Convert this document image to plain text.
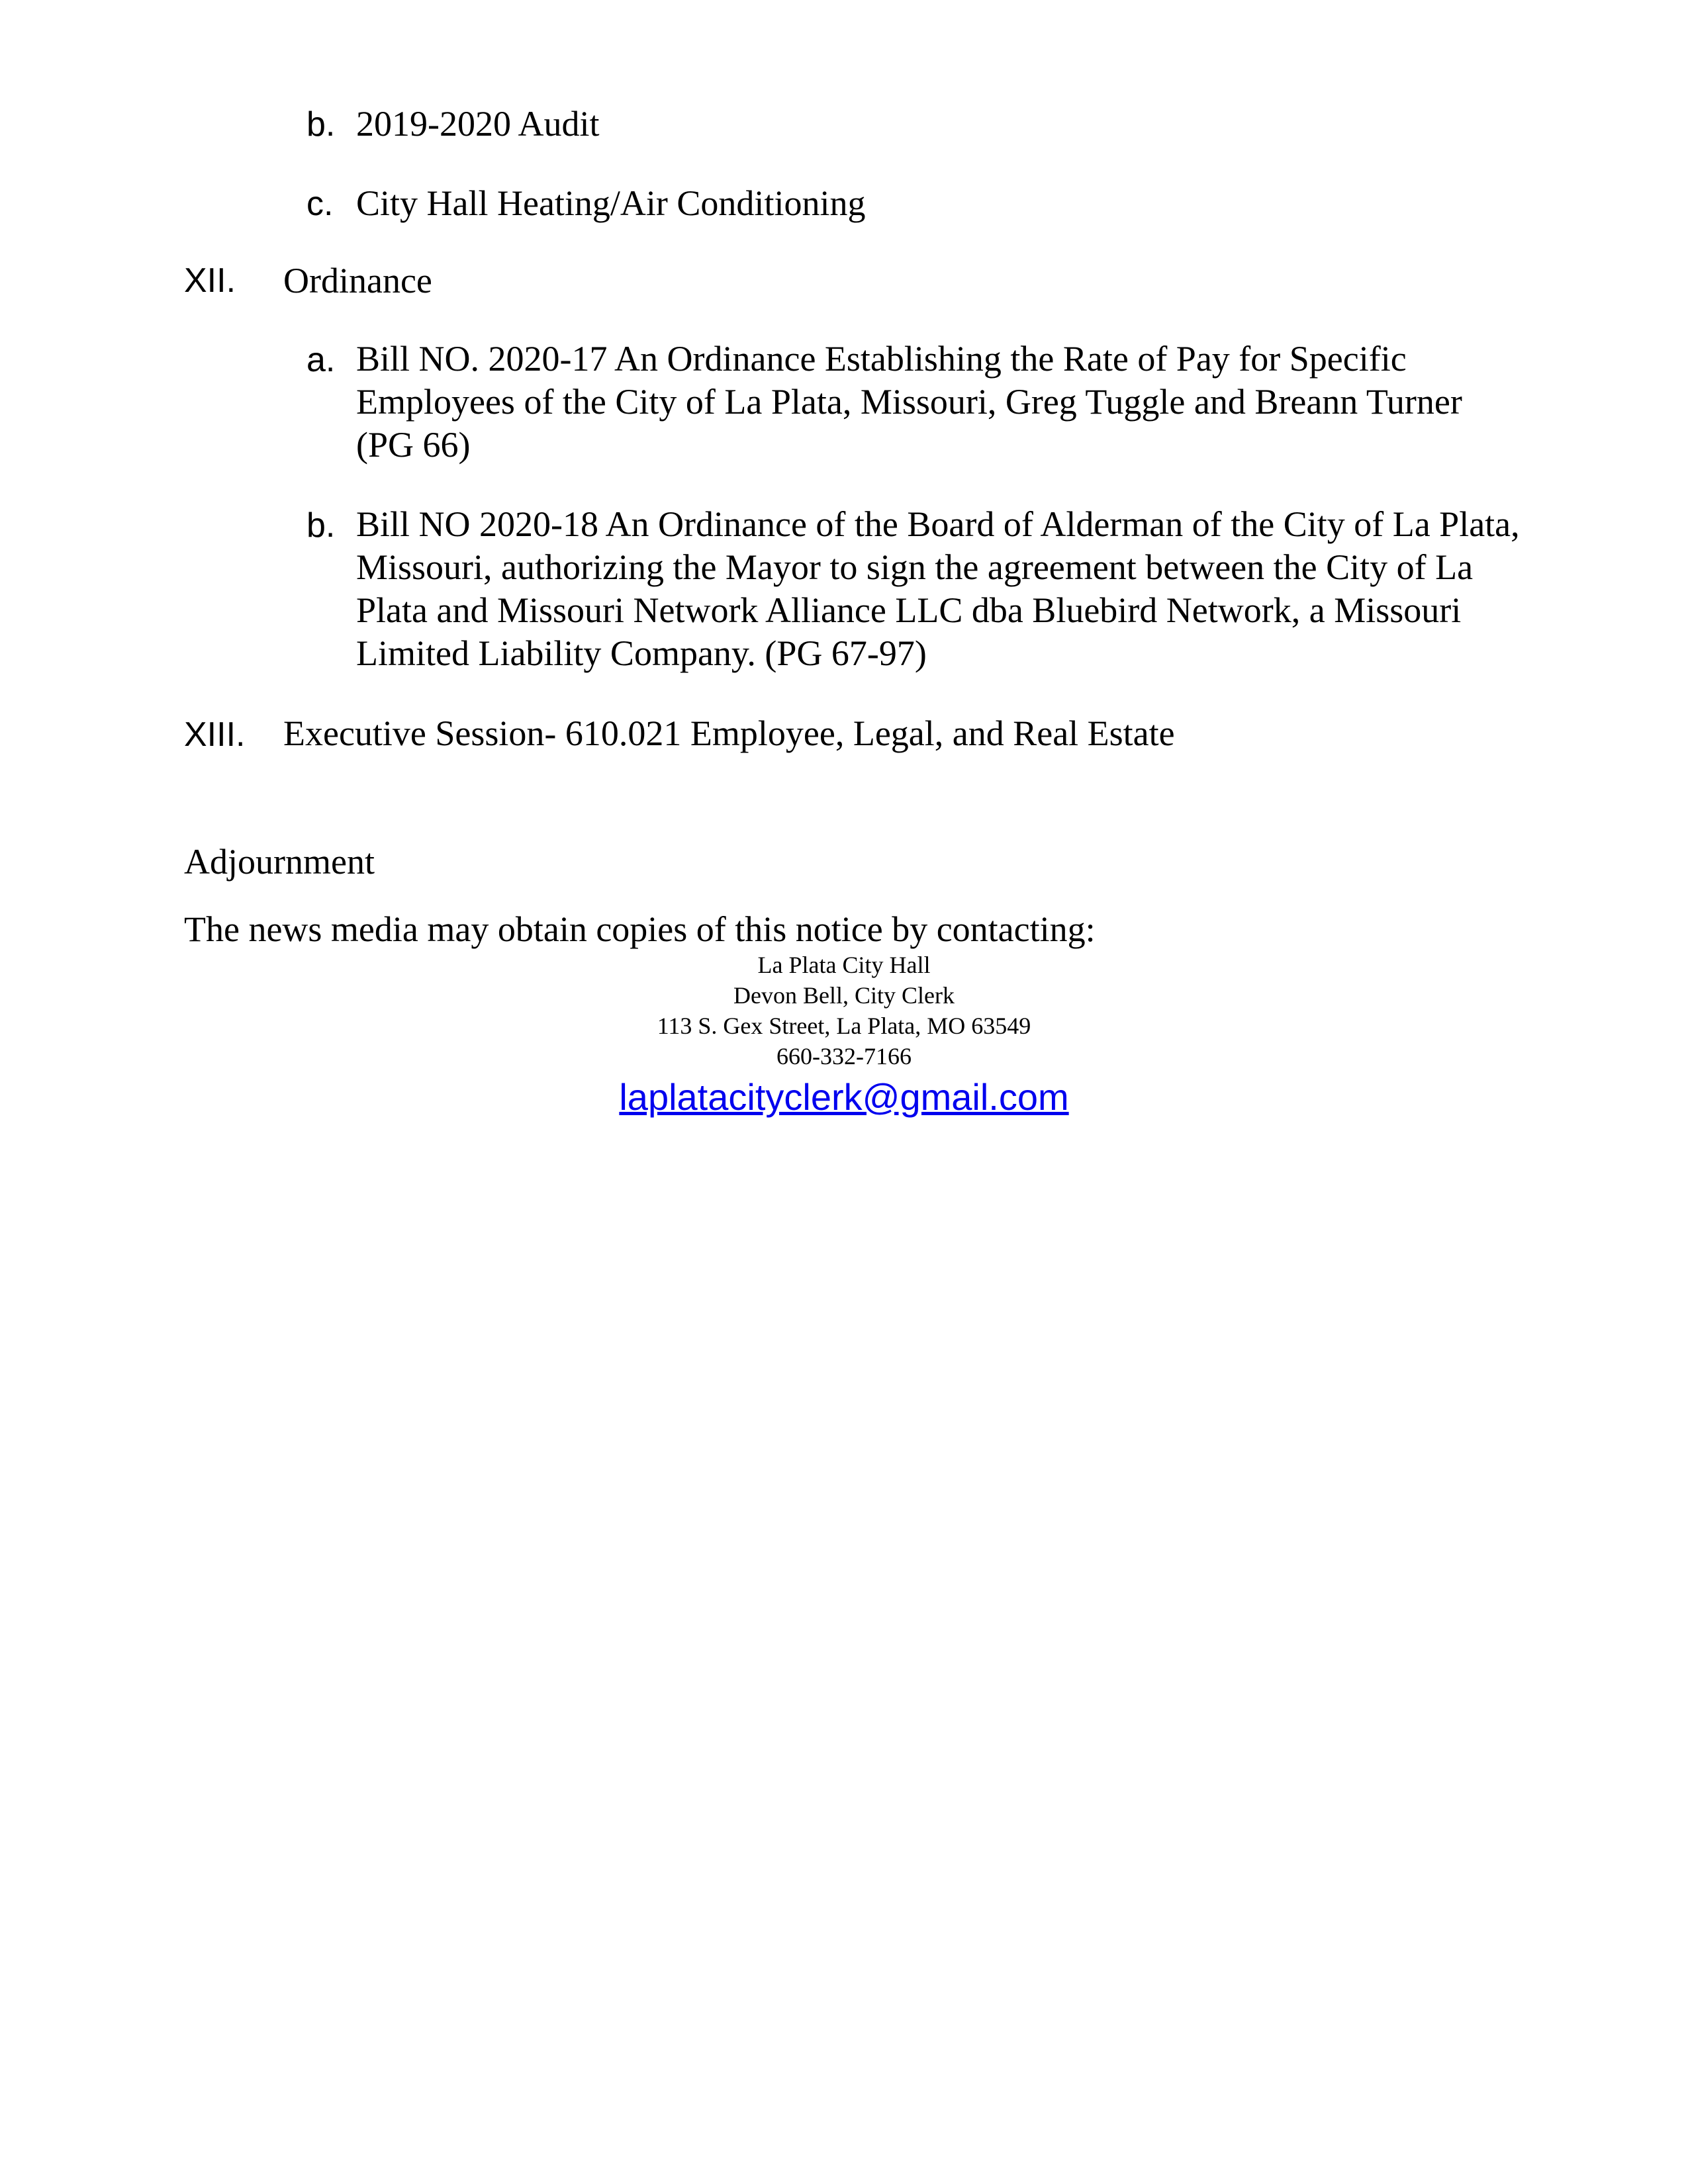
b. 2019-2020 Audit
c. City Hall Heating/Air Conditioning
XII. Ordinance
a. Bill NO. 2020-17 An Ordinance Establishing the Rate of Pay for Specific
Employees of the City of La Plata, Missouri, Greg Tuggle and Breann Turner
(PG 66)
b. Bill NO 2020-18 An Ordinance of the Board of Alderman of the City of La Plata,
Missouri, authorizing the Mayor to sign the agreement between the City of La
Plata and Missouri Network Alliance LLC dba Bluebird Network, a Missouri
Limited Liability Company. (PG 67-97)
XIII. Executive Session- 610.021 Employee, Legal, and Real Estate
Adjournment
The news media may obtain copies of this notice by contacting:
La Plata City Hall
Devon Bell, City Clerk
113 S. Gex Street, La Plata, MO 63549
660-332-7166
laplatacityclerk@gmail.com
